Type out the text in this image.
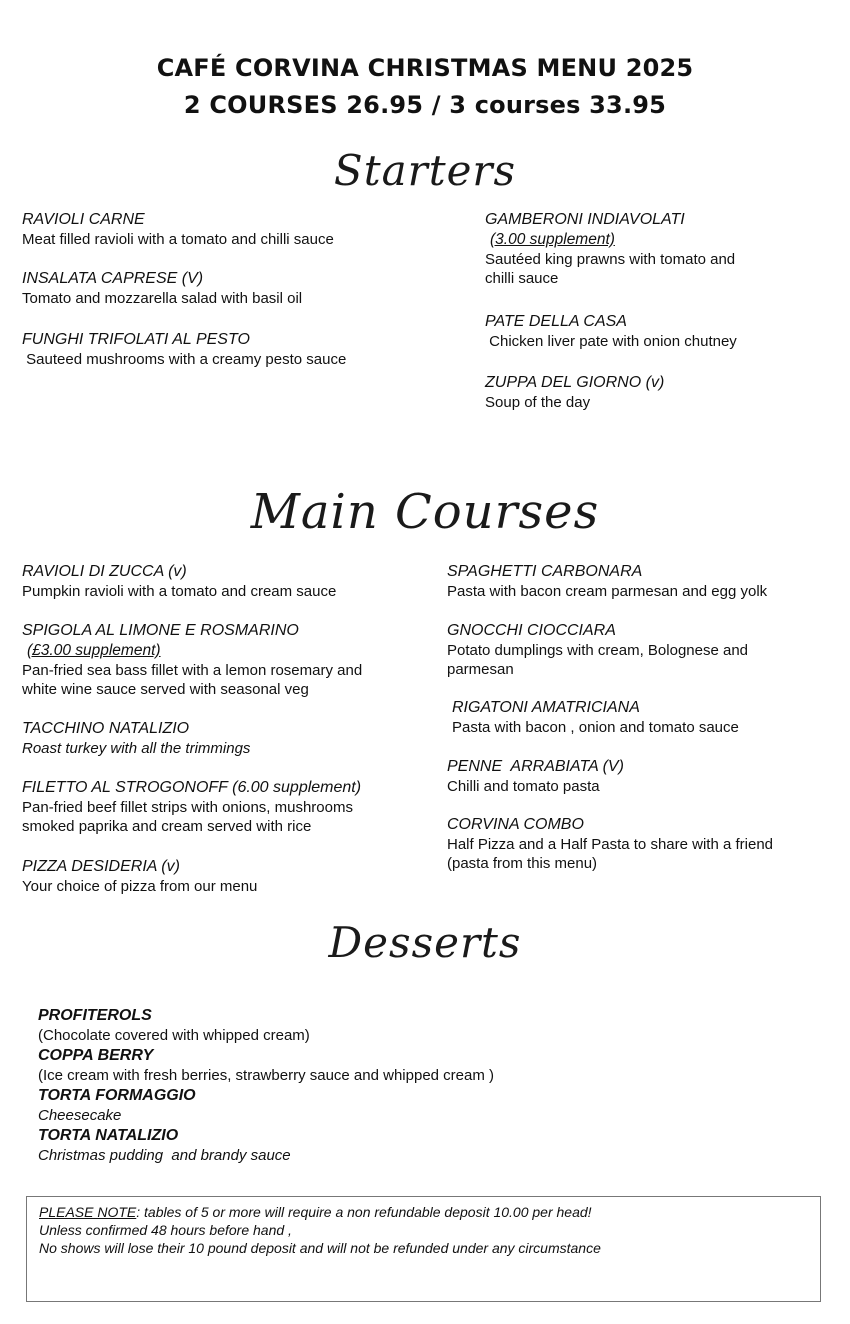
CAFÉ CORVINA CHRISTMAS MENU 2025
2 COURSES 26.95 / 3 courses 33.95
Starters
RAVIOLI CARNE
Meat filled ravioli with a tomato and chilli sauce
INSALATA CAPRESE (V)
Tomato and mozzarella salad with basil oil
FUNGHI TRIFOLATI AL PESTO
Sauteed mushrooms with a creamy pesto sauce
GAMBERONI INDIAVOLATI
(3.00 supplement)
Sautéed king prawns with tomato and
chilli sauce
PATE DELLA CASA
Chicken liver pate with onion chutney
ZUPPA DEL GIORNO (v)
Soup of the day
Main Courses
RAVIOLI DI ZUCCA (v)
Pumpkin ravioli with a tomato and cream sauce
SPIGOLA AL LIMONE E ROSMARINO
(£3.00 supplement)
Pan-fried sea bass fillet with a lemon rosemary and
white wine sauce served with seasonal veg
TACCHINO NATALIZIO
Roast turkey with all the trimmings
FILETTO AL STROGONOFF (6.00 supplement)
Pan-fried beef fillet strips with onions, mushrooms
smoked paprika and cream served with rice
PIZZA DESIDERIA (v)
Your choice of pizza from our menu
SPAGHETTI CARBONARA
Pasta with bacon cream parmesan and egg yolk
GNOCCHI CIOCCIARA
Potato dumplings with cream, Bolognese and
parmesan
RIGATONI AMATRICIANA
Pasta with bacon , onion and tomato sauce
PENNE  ARRABIATA (V)
Chilli and tomato pasta
CORVINA COMBO
Half Pizza and a Half Pasta to share with a friend
(pasta from this menu)
Desserts
PROFITEROLS
(Chocolate covered with whipped cream)
COPPA BERRY
(Ice cream with fresh berries, strawberry sauce and whipped cream )
TORTA FORMAGGIO
Cheesecake
TORTA NATALIZIO
Christmas pudding  and brandy sauce
PLEASE NOTE: tables of 5 or more will require a non refundable deposit 10.00 per head!
Unless confirmed 48 hours before hand ,
No shows will lose their 10 pound deposit and will not be refunded under any circumstance
